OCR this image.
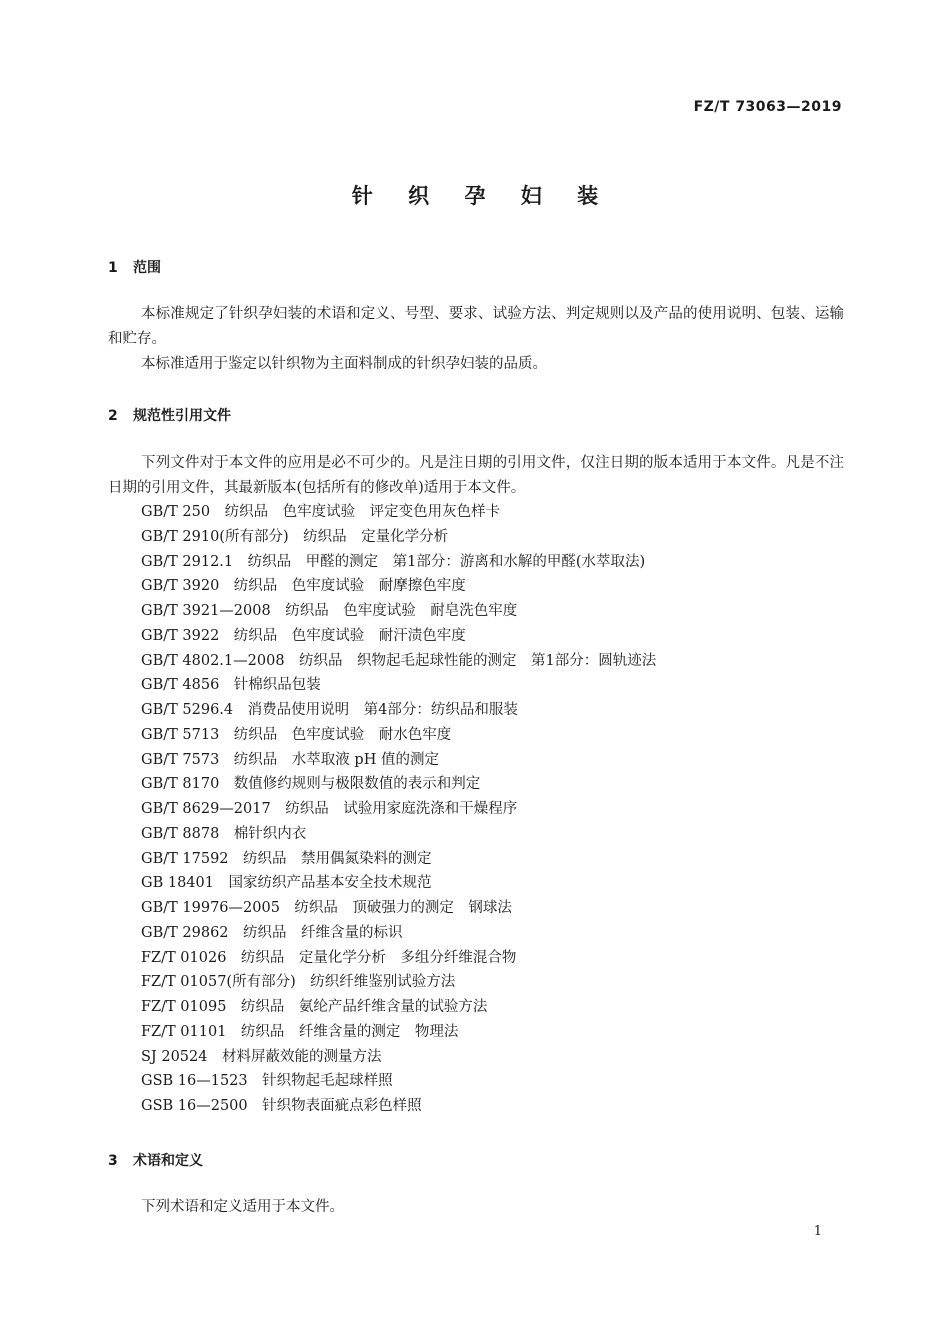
FZ/T 73063—2019
针 织 孕 妇 装
1 范围
本标准规定了针织孕妇装的术语和定义、号型、要求、试验方法、判定规则以及产品的使用说明、包装、运输和贮存。
本标准适用于鉴定以针织物为主面料制成的针织孕妇装的品质。
2 规范性引用文件
下列文件对于本文件的应用是必不可少的。凡是注日期的引用文件，仅注日期的版本适用于本文件。凡是不注日期的引用文件，其最新版本(包括所有的修改单)适用于本文件。
GB/T 250　纺织品　色牢度试验　评定变色用灰色样卡
GB/T 2910(所有部分)　纺织品　定量化学分析
GB/T 2912.1　纺织品　甲醛的测定　第1部分：游离和水解的甲醛(水萃取法)
GB/T 3920　纺织品　色牢度试验　耐摩擦色牢度
GB/T 3921—2008　纺织品　色牢度试验　耐皂洗色牢度
GB/T 3922　纺织品　色牢度试验　耐汗渍色牢度
GB/T 4802.1—2008　纺织品　织物起毛起球性能的测定　第1部分：圆轨迹法
GB/T 4856　针棉织品包装
GB/T 5296.4　消费品使用说明　第4部分：纺织品和服装
GB/T 5713　纺织品　色牢度试验　耐水色牢度
GB/T 7573　纺织品　水萃取液 pH 值的测定
GB/T 8170　数值修约规则与极限数值的表示和判定
GB/T 8629—2017　纺织品　试验用家庭洗涤和干燥程序
GB/T 8878　棉针织内衣
GB/T 17592　纺织品　禁用偶氮染料的测定
GB 18401　国家纺织产品基本安全技术规范
GB/T 19976—2005　纺织品　顶破强力的测定　钢球法
GB/T 29862　纺织品　纤维含量的标识
FZ/T 01026　纺织品　定量化学分析　多组分纤维混合物
FZ/T 01057(所有部分)　纺织纤维鉴别试验方法
FZ/T 01095　纺织品　氨纶产品纤维含量的试验方法
FZ/T 01101　纺织品　纤维含量的测定　物理法
SJ 20524　材料屏蔽效能的测量方法
GSB 16—1523　针织物起毛起球样照
GSB 16—2500　针织物表面疵点彩色样照
3 术语和定义
下列术语和定义适用于本文件。
1
